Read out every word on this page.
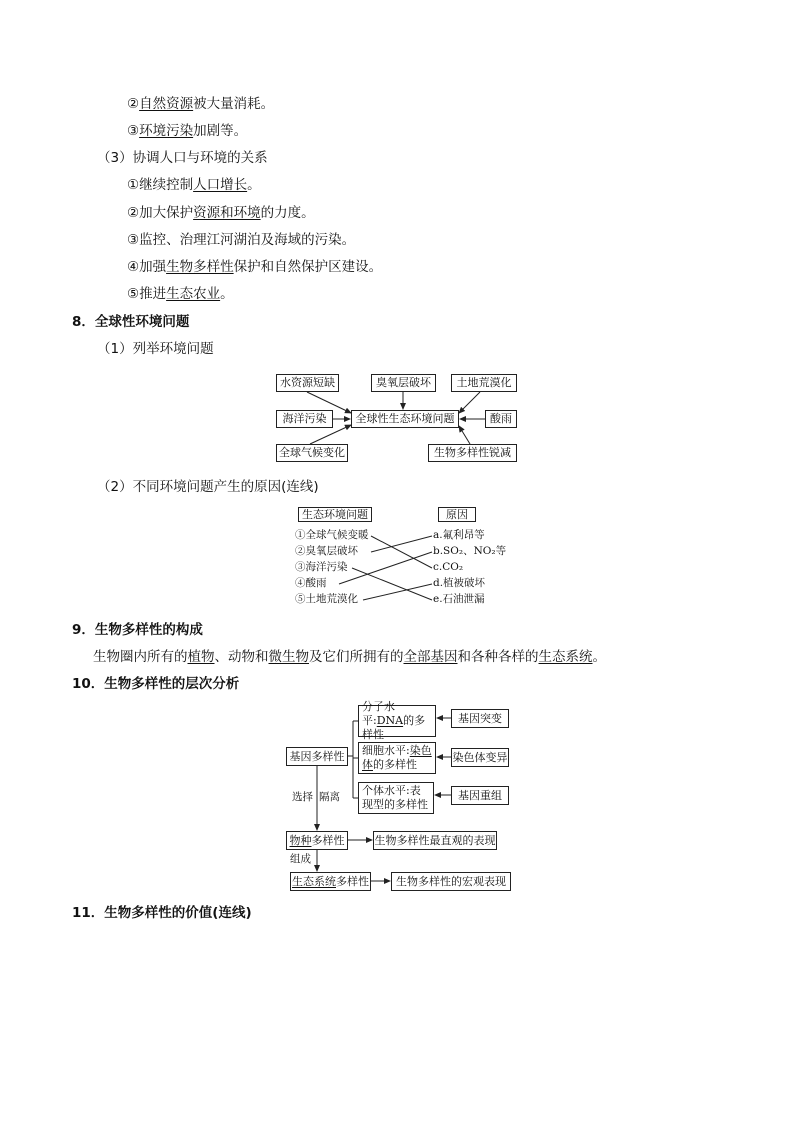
②自然资源被大量消耗。
③环境污染加剧等。
（3）协调人口与环境的关系
①继续控制人口增长。
②加大保护资源和环境的力度。
③监控、治理江河湖泊及海域的污染。
④加强生物多样性保护和自然保护区建设。
⑤推进生态农业。
8．全球性环境问题
（1）列举环境问题
水资源短缺	臭氧层破坏	土地荒漠化
海洋污染	全球性生态环境问题	酸雨
全球气候变化	生物多样性锐减
（2）不同环境问题产生的原因(连线)
生态环境问题	原因
①全球气候变暖
②臭氧层破坏
③海洋污染
④酸雨
⑤土地荒漠化
a.氟利昂等
b.SO₂、NO₂等
c.CO₂
d.植被破坏
e.石油泄漏
9．生物多样性的构成
生物圈内所有的植物、动物和微生物及它们所拥有的全部基因和各种各样的生态系统。
10．生物多样性的层次分析
基因多样性
分子水平:DNA的多样性
细胞水平:染色体的多样性
个体水平:表现型的多样性
基因突变
染色体变异
基因重组
选择 隔离
物种多样性	生物多样性最直观的表现
组成
生态系统多样性	生物多样性的宏观表现
11．生物多样性的价值(连线)
